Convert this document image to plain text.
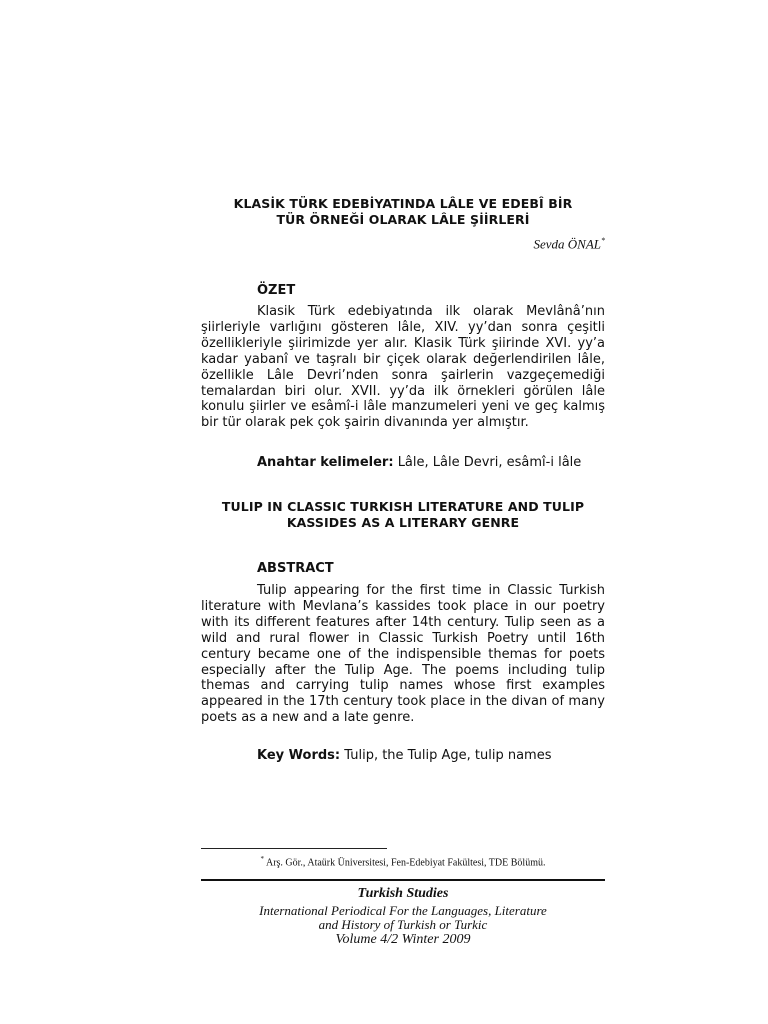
KLASİK TÜRK EDEBİYATINDA LÂLE VE EDEBÎ BİR
TÜR ÖRNEĞİ OLARAK LÂLE ŞİİRLERİ
Sevda ÖNAL*
ÖZET

Klasik Türk edebiyatında ilk olarak Mevlânâ’nın şiirleriyle varlığını gösteren lâle, XIV. yy’dan sonra çeşitli özellikleriyle şiirimizde yer alır. Klasik Türk şiirinde XVI. yy’a kadar yabanî ve taşralı bir çiçek olarak değerlendirilen lâle, özellikle Lâle Devri’nden sonra şairlerin vazgeçemediği temalardan biri olur. XVII. yy’da ilk örnekleri görülen lâle konulu şiirler ve esâmî-i lâle manzumeleri yeni ve geç kalmış bir tür olarak pek çok şairin divanında yer almıştır.

Anahtar kelimeler: Lâle, Lâle Devri, esâmî-i lâle
TULIP IN CLASSIC TURKISH LITERATURE AND TULIP
KASSIDES AS A LITERARY GENRE
ABSTRACT

Tulip appearing for the first time in Classic Turkish literature with Mevlana’s kassides took place in our poetry with its different features after 14th century. Tulip seen as a wild and rural flower in Classic Turkish Poetry until 16th century became one of the indispensible themas for poets especially after the Tulip Age. The poems including tulip themas and carrying tulip names whose first examples appeared in the 17th century took place in the divan of many poets as a new and a late genre.

Key Words: Tulip, the Tulip Age, tulip names
* Arş. Gör., Ataürk Üniversitesi, Fen-Edebiyat Fakültesi, TDE Bölümü.
Turkish Studies
International Periodical For the Languages, Literature
and History of Turkish or Turkic
Volume 4/2 Winter 2009
